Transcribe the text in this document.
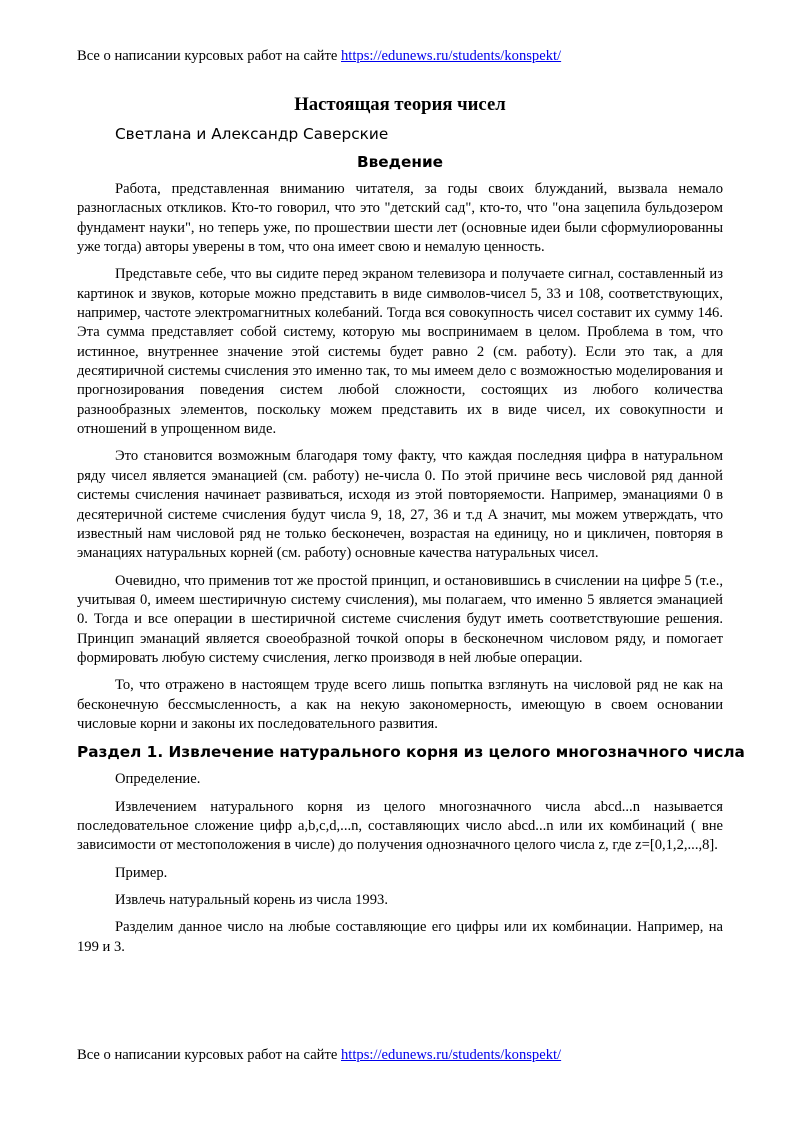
Все о написании курсовых работ на сайте https://edunews.ru/students/konspekt/
Настоящая теория чисел
Светлана и Александр Саверские
Введение

Работа, представленная вниманию читателя, за годы своих блужданий, вызвала немало разногласных откликов. Кто-то говорил, что это "детский сад", кто-то, что "она зацепила бульдозером фундамент науки", но теперь уже, по прошествии шести лет (основные идеи были сформулиорованны уже тогда) авторы уверены в том, что она имеет свою и немалую ценность.

Представьте себе, что вы сидите перед экраном телевизора и получаете сигнал, составленный из картинок и звуков, которые можно представить в виде символов-чисел 5, 33 и 108, соответствующих, например, частоте электромагнитных колебаний. Тогда вся совокупность чисел составит их сумму 146. Эта сумма представляет собой систему, которую мы воспринимаем в целом. Проблема в том, что истинное, внутреннее значение этой системы будет равно 2 (см. работу). Если это так, а для десятиричной системы счисления это именно так, то мы имеем дело с возможностью моделирования и прогнозирования поведения систем любой сложности, состоящих из любого количества разнообразных элементов, поскольку можем представить их в виде чисел, их совокупности и отношений в упрощенном виде.

Это становится возможным благодаря тому факту, что каждая последняя цифра в натуральном ряду чисел является эманацией (см. работу) не-числа 0. По этой причине весь числовой ряд данной системы счисления начинает развиваться, исходя из этой повторяемости. Например, эманациями 0 в десятеричной системе счисления будут числа 9, 18, 27, 36 и т.д А значит, мы можем утверждать, что известный нам числовой ряд не только бесконечен, возрастая на единицу, но и цикличен, повторяя в эманациях натуральных корней (см. работу) основные качества натуральных чисел.

Очевидно, что применив тот же простой принцип, и остановившись в счислении на цифре 5 (т.е., учитывая 0, имеем шестиричную систему счисления), мы полагаем, что именно 5 является эманацией 0. Тогда и все операции в шестиричной системе счисления будут иметь соответствуюшие решения. Принцип эманаций является своеобразной точкой опоры в бесконечном числовом ряду, и помогает формировать любую систему счисления, легко производя в ней любые операции.

То, что отражено в настоящем труде всего лишь попытка взглянуть на числовой ряд не как на бесконечную бессмысленность, а как на некую закономерность, имеющую в своем основании числовые корни и законы их последовательного развития.

Раздел 1. Извлечение натурального корня из целого многозначного числа

Определение.

Извлечением натурального корня из целого многозначного числа abcd...n называется последовательное сложение цифр a,b,c,d,...n, составляющих число abcd...n или их комбинаций ( вне зависимости от местоположения в числе) до получения однозначного целого числа z, где z=[0,1,2,...,8].

Пример.

Извлечь натуральный корень из числа 1993.

Разделим данное число на любые составляющие его цифры или их комбинации. Например, на 199 и 3.

Все о написании курсовых работ на сайте https://edunews.ru/students/konspekt/
